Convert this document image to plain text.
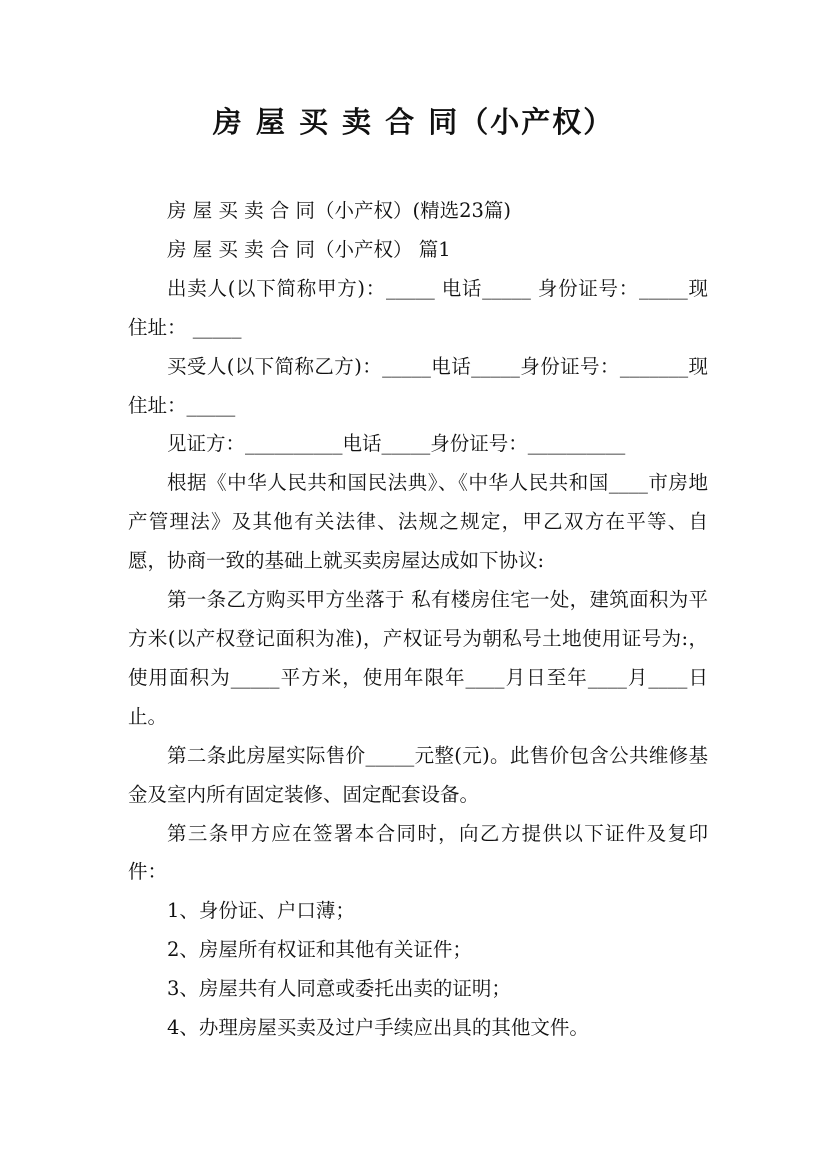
房 屋 买 卖 合 同（小产权）

房 屋 买 卖 合 同（小产权）(精选23篇)

房 屋 买 卖 合 同（小产权） 篇1

出卖人(以下简称甲方)：_____ 电话_____ 身份证号：_____现住址： _____

买受人(以下简称乙方)：_____电话_____身份证号：_______现住址：_____

见证方：__________电话_____身份证号：__________

根据《中华人民共和国民法典》、《中华人民共和国____市房地产管理法》及其他有关法律、法规之规定，甲乙双方在平等、自愿，协商一致的基础上就买卖房屋达成如下协议:

第一条乙方购买甲方坐落于 私有楼房住宅一处，建筑面积为平方米(以产权登记面积为准)，产权证号为朝私号土地使用证号为:，使用面积为_____平方米，使用年限年____月日至年____月____日止。

第二条此房屋实际售价_____元整(元)。此售价包含公共维修基金及室内所有固定装修、固定配套设备。

第三条甲方应在签署本合同时，向乙方提供以下证件及复印件：

1、身份证、户口薄；

2、房屋所有权证和其他有关证件；

3、房屋共有人同意或委托出卖的证明；

4、办理房屋买卖及过户手续应出具的其他文件。
